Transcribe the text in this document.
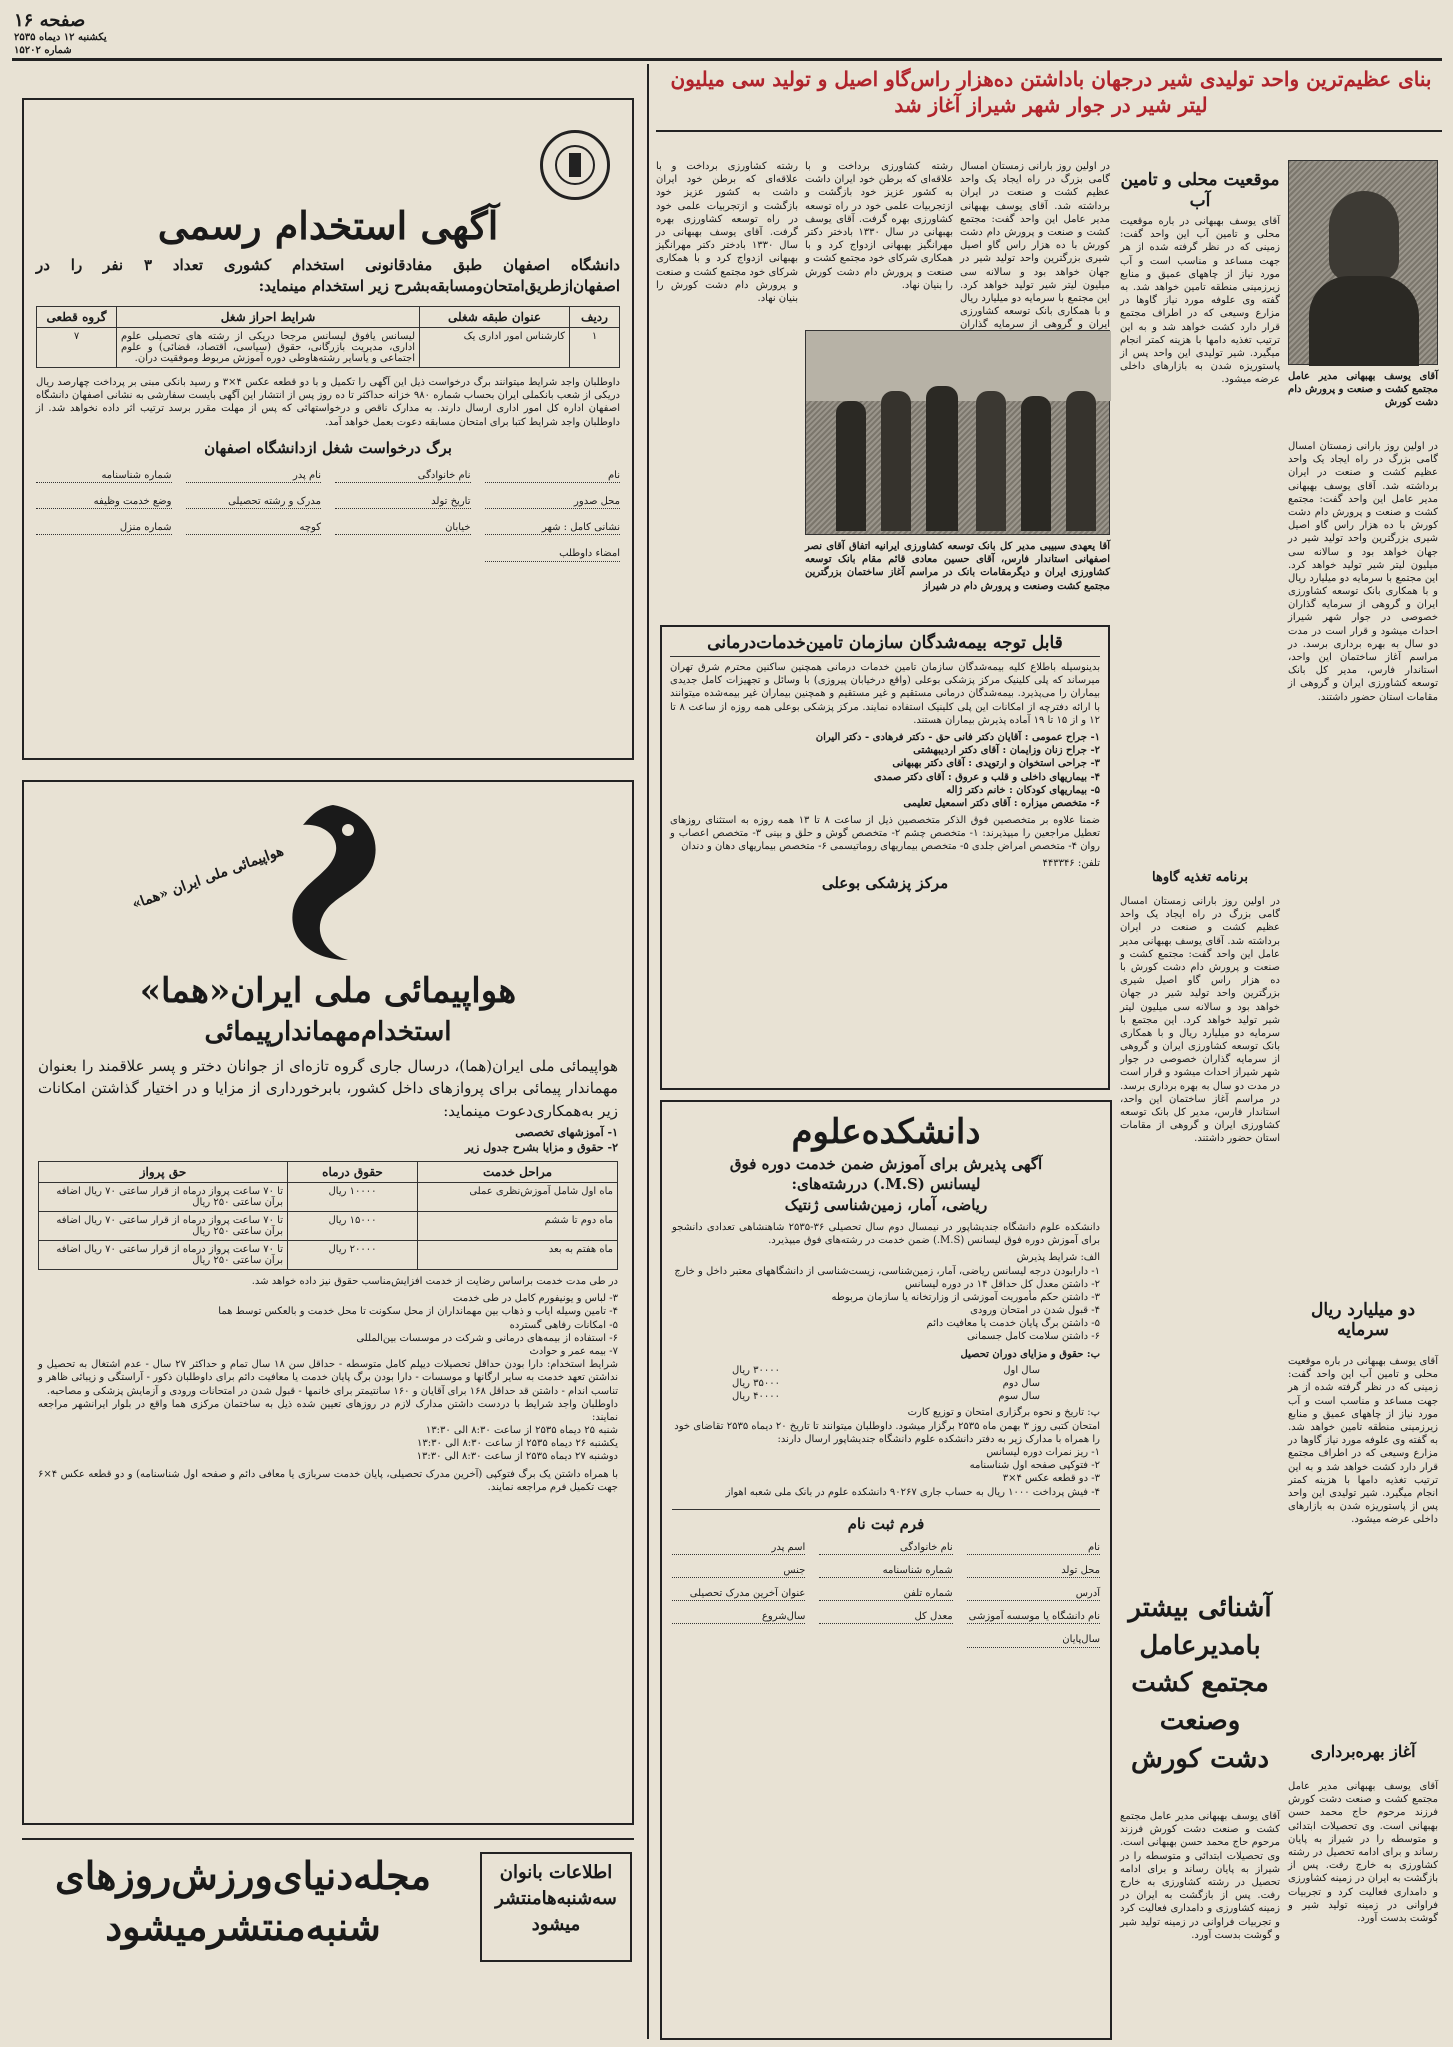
صفحه ۱۶
یکشنبه ۱۲ دیماه ۲۵۳۵
شماره ۱۵۲۰۲
بنای عظیم‌ترین واحد تولیدی شیر درجهان باداشتن ده‌هزار راس‌گاو اصیل و تولید سی میلیون
لیتر شیر در جوار شهر شیراز آغاز شد
آقای یوسف بهبهانی مدیر عامل مجتمع کشت و صنعت و پرورش دام دشت کورش
موقعیت محلی و تامین آب
در اولین روز بارانی زمستان امسال گامی بزرگ در راه ایجاد یک واحد عظیم کشت و صنعت در ایران برداشته شد. آقای یوسف بهبهانی مدیر عامل این واحد گفت: مجتمع کشت و صنعت و پرورش دام دشت کورش با ده هزار راس گاو اصیل شیری بزرگترین واحد تولید شیر در جهان خواهد بود و سالانه سی میلیون لیتر شیر تولید خواهد کرد. این مجتمع با سرمایه دو میلیارد ریال و با همکاری بانک توسعه کشاورزی ایران و گروهی از سرمایه گذاران خصوصی در جوار شهر شیراز احداث میشود و قرار است در مدت دو سال به بهره برداری برسد. در مراسم آغاز ساختمان این واحد، استاندار فارس، مدیر کل بانک توسعه کشاورزی ایران و گروهی از مقامات استان حضور داشتند.
دو میلیارد ریال سرمایه
آقای یوسف بهبهانی در باره موقعیت محلی و تامین آب این واحد گفت: زمینی که در نظر گرفته شده از هر جهت مساعد و مناسب است و آب مورد نیاز از چاههای عمیق و منابع زیرزمینی منطقه تامین خواهد شد. به گفته وی علوفه مورد نیاز گاوها در مزارع وسیعی که در اطراف مجتمع قرار دارد کشت خواهد شد و به این ترتیب تغذیه دامها با هزینه کمتر انجام میگیرد. شیر تولیدی این واحد پس از پاستوریزه شدن به بازارهای داخلی عرضه میشود.
آغاز بهره‌برداری
آقای یوسف بهبهانی مدیر عامل مجتمع کشت و صنعت دشت کورش فرزند مرحوم حاج محمد حسن بهبهانی است. وی تحصیلات ابتدائی و متوسطه را در شیراز به پایان رساند و برای ادامه تحصیل در رشته کشاورزی به خارج رفت. پس از بازگشت به ایران در زمینه کشاورزی و دامداری فعالیت کرد و تجربیات فراوانی در زمینه تولید شیر و گوشت بدست آورد.
آقای یوسف بهبهانی در باره موقعیت محلی و تامین آب این واحد گفت: زمینی که در نظر گرفته شده از هر جهت مساعد و مناسب است و آب مورد نیاز از چاههای عمیق و منابع زیرزمینی منطقه تامین خواهد شد. به گفته وی علوفه مورد نیاز گاوها در مزارع وسیعی که در اطراف مجتمع قرار دارد کشت خواهد شد و به این ترتیب تغذیه دامها با هزینه کمتر انجام میگیرد. شیر تولیدی این واحد پس از پاستوریزه شدن به بازارهای داخلی عرضه میشود.
برنامه تغذیه گاوها
در اولین روز بارانی زمستان امسال گامی بزرگ در راه ایجاد یک واحد عظیم کشت و صنعت در ایران برداشته شد. آقای یوسف بهبهانی مدیر عامل این واحد گفت: مجتمع کشت و صنعت و پرورش دام دشت کورش با ده هزار راس گاو اصیل شیری بزرگترین واحد تولید شیر در جهان خواهد بود و سالانه سی میلیون لیتر شیر تولید خواهد کرد. این مجتمع با سرمایه دو میلیارد ریال و با همکاری بانک توسعه کشاورزی ایران و گروهی از سرمایه گذاران خصوصی در جوار شهر شیراز احداث میشود و قرار است در مدت دو سال به بهره برداری برسد. در مراسم آغاز ساختمان این واحد، استاندار فارس، مدیر کل بانک توسعه کشاورزی ایران و گروهی از مقامات استان حضور داشتند.
آشنائی بیشتر
بامدیرعامل
مجتمع کشت
وصنعت
دشت کورش
آقای یوسف بهبهانی مدیر عامل مجتمع کشت و صنعت دشت کورش فرزند مرحوم حاج محمد حسن بهبهانی است. وی تحصیلات ابتدائی و متوسطه را در شیراز به پایان رساند و برای ادامه تحصیل در رشته کشاورزی به خارج رفت. پس از بازگشت به ایران در زمینه کشاورزی و دامداری فعالیت کرد و تجربیات فراوانی در زمینه تولید شیر و گوشت بدست آورد.
در اولین روز بارانی زمستان امسال گامی بزرگ در راه ایجاد یک واحد عظیم کشت و صنعت در ایران برداشته شد. آقای یوسف بهبهانی مدیر عامل این واحد گفت: مجتمع کشت و صنعت و پرورش دام دشت کورش با ده هزار راس گاو اصیل شیری بزرگترین واحد تولید شیر در جهان خواهد بود و سالانه سی میلیون لیتر شیر تولید خواهد کرد. این مجتمع با سرمایه دو میلیارد ریال و با همکاری بانک توسعه کشاورزی ایران و گروهی از سرمایه گذاران
رشته کشاورزی برداخت و با علاقه‌ای که برطن خود ایران داشت به کشور عزیز خود بازگشت و ازتجربیات علمی خود در راه توسعه کشاورزی بهره گرفت. آقای یوسف بهبهانی در سال ۱۳۳۰ بادختر دکتر مهرانگیز بهبهانی ازدواج کرد و با همکاری شرکای خود مجتمع کشت و صنعت و پرورش دام دشت کورش را بنیان نهاد.
رشته کشاورزی برداخت و با علاقه‌ای که برطن خود ایران داشت به کشور عزیز خود بازگشت و ازتجربیات علمی خود در راه توسعه کشاورزی بهره گرفت. آقای یوسف بهبهانی در سال ۱۳۳۰ بادختر دکتر مهرانگیز بهبهانی ازدواج کرد و با همکاری شرکای خود مجتمع کشت و صنعت و پرورش دام دشت کورش را بنیان نهاد.
آقا یعهدی سبیبی مدیر کل بانک توسعه کشاورزی ایرانیه اتفاق آقای نصر اصفهانی استاندار فارس، آقای حسین معادی قائم مقام بانک توسعه کشاورزی ایران و دیگرمقامات بانک در مراسم آغاز ساختمان بزرگترین مجتمع کشت وصنعت و پرورش دام در شیراز
قابل توجه بیمه‌شدگان سازمان تامین‌خدمات‌درمانی
بدینوسیله باطلاع کلیه بیمه‌شدگان سازمان تامین خدمات درمانی همچنین ساکنین محترم شرق تهران میرساند که پلی کلینیک مرکز پزشکی بوعلی (واقع درخیابان پیروزی) با وسائل و تجهیزات کامل جدیدی بیماران را می‌پذیرد. بیمه‌شدگان درمانی مستقیم و غیر مستقیم و همچنین بیماران غیر بیمه‌شده میتوانند با ارائه دفترچه از امکانات این پلی کلینیک استفاده نمایند. مرکز پزشکی بوعلی همه روزه از ساعت ۸ تا ۱۲ و از ۱۵ تا ۱۹ آماده پذیرش بیماران هستند.
۱- جراح عمومی : آقایان دکتر فانی حق - دکتر فرهادی - دکتر الیران
۲- جراح زنان وزایمان : آقای دکتر اردیبهشتی
۳- جراحی استخوان و ارتوپدی : آقای دکتر بهبهانی
۴- بیماریهای داخلی و قلب و عروق : آقای دکتر صمدی
۵- بیماریهای کودکان : خانم دکتر ژاله
۶- متخصص میزاره : آقای دکتر اسمعیل تعلیمی
ضمنا علاوه بر متخصصین فوق الذکر متخصصین ذیل از ساعت ۸ تا ۱۳ همه روزه به استثنای روزهای تعطیل مراجعین را میپذیرند: ۱- متخصص چشم ۲- متخصص گوش و حلق و بینی ۳- متخصص اعصاب و روان ۴- متخصص امراض جلدی ۵- متخصص بیماریهای روماتیسمی ۶- متخصص بیماریهای دهان و دندان
تلفن: ۴۴۳۳۴۶
مرکز پزشکی بوعلی
دانشکده‌علوم
آگهی پذیرش برای آموزش ضمن خدمت دوره فوق
لیسانس (M.S.) دررشته‌های:
ریاضی، آمار، زمین‌شناسی ژنتیک
دانشکده علوم دانشگاه جندیشاپور در نیمسال دوم سال تحصیلی ۳۶-۲۵۳۵ شاهنشاهی تعدادی دانشجو برای آموزش دوره فوق لیسانس (M.S.) ضمن خدمت در رشته‌های فوق میپذیرد.
الف: شرایط پذیرش
۱- دارابودن درجه لیسانس ریاضی، آمار، زمین‌شناسی، زیست‌شناسی از دانشگاههای معتبر داخل و خارج
۲- داشتن معدل کل حداقل ۱۴ در دوره لیسانس
۳- داشتن حکم مأموریت آموزشی از وزارتخانه یا سازمان مربوطه
۴- قبول شدن در امتحان ورودی
۵- داشتن برگ پایان خدمت یا معافیت دائم
۶- داشتن سلامت کامل جسمانی
ب: حقوق و مزایای دوران تحصیل
سال اول
۳۰۰۰۰ ریال
سال دوم
۳۵۰۰۰ ریال
سال سوم
۴۰۰۰۰ ریال
پ: تاریخ و نحوه برگزاری امتحان و توزیع کارت
امتحان کتبی روز ۳ بهمن ماه ۲۵۳۵ برگزار میشود. داوطلبان میتوانند تا تاریخ ۲۰ دیماه ۲۵۳۵ تقاضای خود را همراه با مدارک زیر به دفتر دانشکده علوم دانشگاه جندیشاپور ارسال دارند:
۱- ریز نمرات دوره لیسانس
۲- فتوکپی صفحه اول شناسنامه
۳- دو قطعه عکس ۴×۳
۴- فیش پرداخت ۱۰۰۰ ریال به حساب جاری ۹۰۲۶۷ دانشکده علوم در بانک ملی شعبه اهواز
فرم ثبت نام
نام
نام خانوادگی
اسم پدر
محل تولد
شماره شناسنامه
جنس
آدرس
شماره تلفن
عنوان آخرین مدرک تحصیلی
نام دانشگاه یا موسسه آموزشی
معدل کل
سال‌شروع
سال‌پایان
آگهی استخدام رسمی
دانشگاه اصفهان طبق مفادقانونی استخدام کشوری تعداد ۳ نفر را در اصفهان‌ازطریق‌امتحان‌ومسابقه‌بشرح زیر استخدام مینماید:
ردیف	عنوان طبقه شغلی	شرایط احراز شغل	گروه قطعی
۱	کارشناس امور اداری یک	لیسانس یافوق لیسانس مرجحا دریکی از رشته های تحصیلی علوم اداری، مدیریت بازرگانی، حقوق (سیاسی، اقتصاد، قضائی) و علوم اجتماعی و یاسایر رشته‌هاوطی دوره آموزش مربوط وموفقیت دران.	۷
داوطلبان واجد شرایط میتوانند برگ درخواست ذیل این آگهی را تکمیل و با دو قطعه عکس ۴×۳ و رسید بانکی مبنی بر پرداخت چهارصد ریال دریکی از شعب بانکملی ایران بحساب شماره ۹۸۰ خزانه حداکثر تا ده روز پس از انتشار این آگهی بایست سفارشی به نشانی اصفهان دانشگاه اصفهان اداره کل امور اداری ارسال دارند. به مدارک ناقص و درخواستهائی که پس از مهلت مقرر برسد ترتیب اثر داده نخواهد شد. از داوطلبان واجد شرایط کتبا برای امتحان مسابقه دعوت بعمل خواهد آمد.
برگ درخواست شغل ازدانشگاه اصفهان
نام
نام خانوادگی
نام پدر
شماره شناسنامه
محل صدور
تاریخ تولد
مدرک و رشته تحصیلی
وضع خدمت وظیفه
نشانی کامل : شهر
خیابان
کوچه
شماره منزل
امضاء داوطلب
هواپیمائی ملی ایران «هما»
هواپیمائی ملی ایران«هما»
استخدام‌مهماندارپیمائی
هواپیمائی ملی ایران(هما)، درسال جاری گروه تازه‌ای از جوانان دختر و پسر علاقمند را بعنوان مهماندار پیمائی برای پروازهای داخل کشور، بابرخورداری از مزایا و در اختیار گذاشتن امکانات زیر به‌همکاری‌دعوت مینماید:
۱- آموزشهای تخصصی
۲- حقوق و مزایا بشرح جدول زیر
مراحل خدمت	حقوق درماه	حق پرواز
ماه اول شامل آموزش‌نظری عملی	۱۰۰۰۰ ریال	تا ۷۰ ساعت پرواز درماه از قرار ساعتی ۷۰ ریال اضافه برآن ساعتی ۲۵۰ ریال
ماه دوم تا ششم	۱۵۰۰۰ ریال	تا ۷۰ ساعت پرواز درماه از قرار ساعتی ۷۰ ریال اضافه برآن ساعتی ۲۵۰ ریال
ماه هفتم به بعد	۲۰۰۰۰ ریال	تا ۷۰ ساعت پرواز درماه از قرار ساعتی ۷۰ ریال اضافه برآن ساعتی ۲۵۰ ریال
در طی مدت خدمت براساس رضایت از خدمت افزایش‌مناسب حقوق نیز داده خواهد شد.
۳- لباس و یونیفورم کامل در طی خدمت
۴- تامین وسیله ایاب و ذهاب بین مهمانداران از محل سکونت تا محل خدمت و بالعکس توسط هما
۵- امکانات رفاهی گسترده
۶- استفاده از بیمه‌های درمانی و شرکت در موسسات بین‌المللی
۷- بیمه عمر و حوادث
شرایط استخدام: دارا بودن حداقل تحصیلات دیپلم کامل متوسطه - حداقل سن ۱۸ سال تمام و حداکثر ۲۷ سال - عدم اشتغال به تحصیل و نداشتن تعهد خدمت به سایر ارگانها و موسسات - دارا بودن برگ پایان خدمت یا معافیت دائم برای داوطلبان ذکور - آراستگی و زیبائی ظاهر و تناسب اندام - داشتن قد حداقل ۱۶۸ برای آقایان و ۱۶۰ سانتیمتر برای خانمها - قبول شدن در امتحانات ورودی و آزمایش پزشکی و مصاحبه.
داوطلبان واجد شرایط با دردست داشتن مدارک لازم در روزهای تعیین شده ذیل به ساختمان مرکزی هما واقع در بلوار ایرانشهر مراجعه نمایند:
شنبه ۲۵ دیماه ۲۵۳۵ از ساعت ۸:۳۰ الی ۱۳:۳۰
یکشنبه ۲۶ دیماه ۲۵۳۵ از ساعت ۸:۳۰ الی ۱۳:۳۰
دوشنبه ۲۷ دیماه ۲۵۳۵ از ساعت ۸:۳۰ الی ۱۳:۳۰
با همراه داشتن یک برگ فتوکپی (آخرین مدرک تحصیلی، پایان خدمت سربازی یا معافی دائم و صفحه اول شناسنامه) و دو قطعه عکس ۴×۶ جهت تکمیل فرم مراجعه نمایند.
اطلاعات بانوان
سه‌شنبه‌ها‌منتشر
میشود
مجله‌دنیای‌ورزش‌روزهای
شنبه‌منتشر‌میشود
